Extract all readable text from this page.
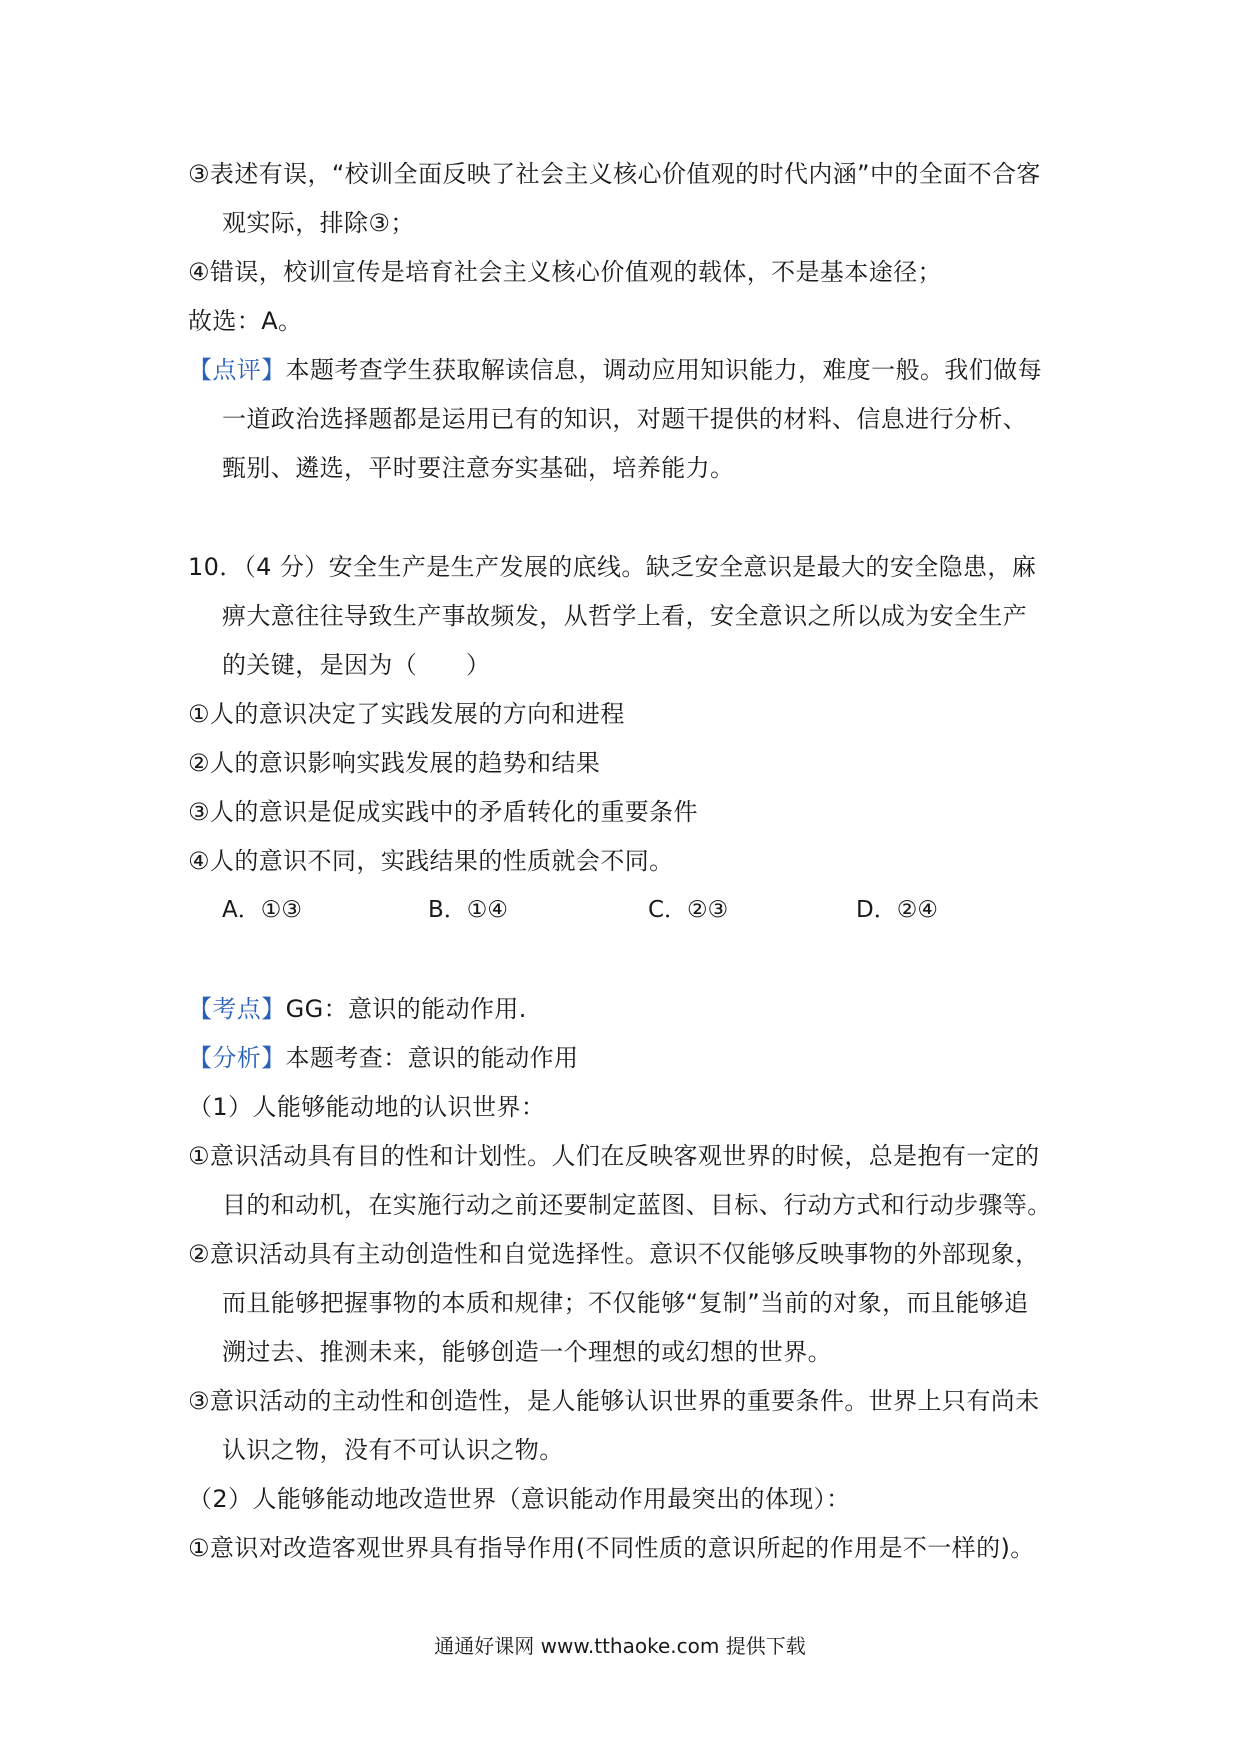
③表述有误，“校训全面反映了社会主义核心价值观的时代内涵”中的全面不合客
观实际，排除③；
④错误，校训宣传是培育社会主义核心价值观的载体，不是基本途径；
故选：A。
【点评】本题考查学生获取解读信息，调动应用知识能力，难度一般。我们做每
一道政治选择题都是运用已有的知识，对题干提供的材料、信息进行分析、
甄别、遴选，平时要注意夯实基础，培养能力。
10．（4 分）安全生产是生产发展的底线。缺乏安全意识是最大的安全隐患，麻
痹大意往往导致生产事故频发，从哲学上看，安全意识之所以成为安全生产
的关键，是因为（　　）
①人的意识决定了实践发展的方向和进程
②人的意识影响实践发展的趋势和结果
③人的意识是促成实践中的矛盾转化的重要条件
④人的意识不同，实践结果的性质就会不同。
A．①③	B．①④	C．②③	D．②④
【考点】GG：意识的能动作用.
【分析】本题考查：意识的能动作用
（1）人能够能动地的认识世界：
①意识活动具有目的性和计划性。人们在反映客观世界的时候，总是抱有一定的
目的和动机，在实施行动之前还要制定蓝图、目标、行动方式和行动步骤等。
②意识活动具有主动创造性和自觉选择性。意识不仅能够反映事物的外部现象，
而且能够把握事物的本质和规律；不仅能够“复制”当前的对象，而且能够追
溯过去、推测未来，能够创造一个理想的或幻想的世界。
③意识活动的主动性和创造性，是人能够认识世界的重要条件。世界上只有尚未
认识之物，没有不可认识之物。
（2）人能够能动地改造世界（意识能动作用最突出的体现）：
①意识对改造客观世界具有指导作用(不同性质的意识所起的作用是不一样的)。
通通好课网 www.tthaoke.com 提供下载
